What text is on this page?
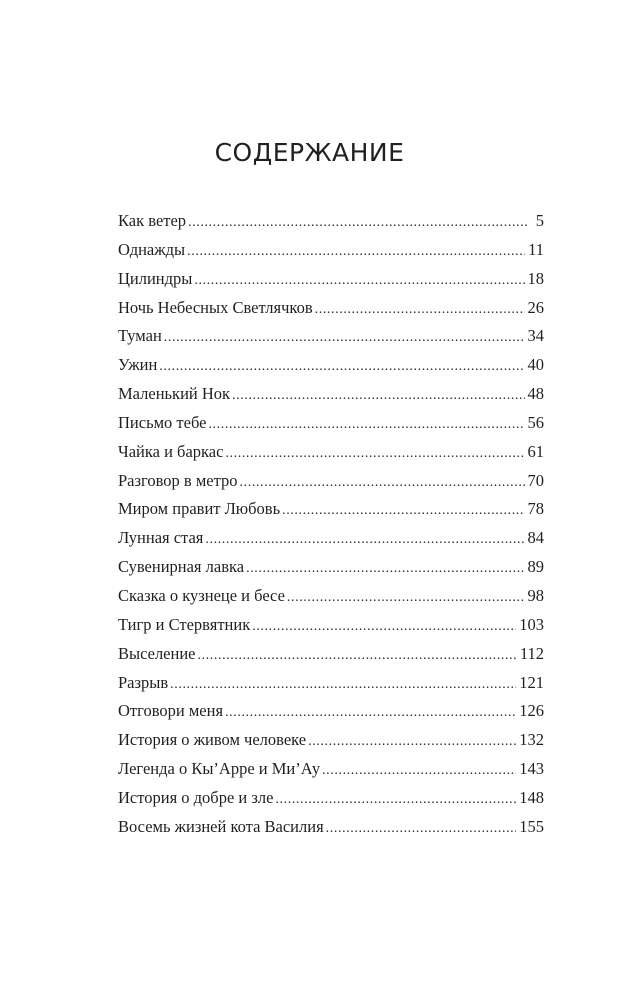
СОДЕРЖАНИЕ
Как ветер .....	5
Однажды .....	11
Цилиндры .....	18
Ночь Небесных Светлячков .....	26
Туман .....	34
Ужин .....	40
Маленький Нок .....	48
Письмо тебе .....	56
Чайка и баркас .....	61
Разговор в метро .....	70
Миром правит Любовь .....	78
Лунная стая .....	84
Сувенирная лавка .....	89
Сказка о кузнеце и бесе .....	98
Тигр и Стервятник .....	103
Выселение .....	112
Разрыв .....	121
Отговори меня .....	126
История о живом человеке .....	132
Легенда о Кы’Арре и Ми’Ау .....	143
История о добре и зле .....	148
Восемь жизней кота Василия .....	155
